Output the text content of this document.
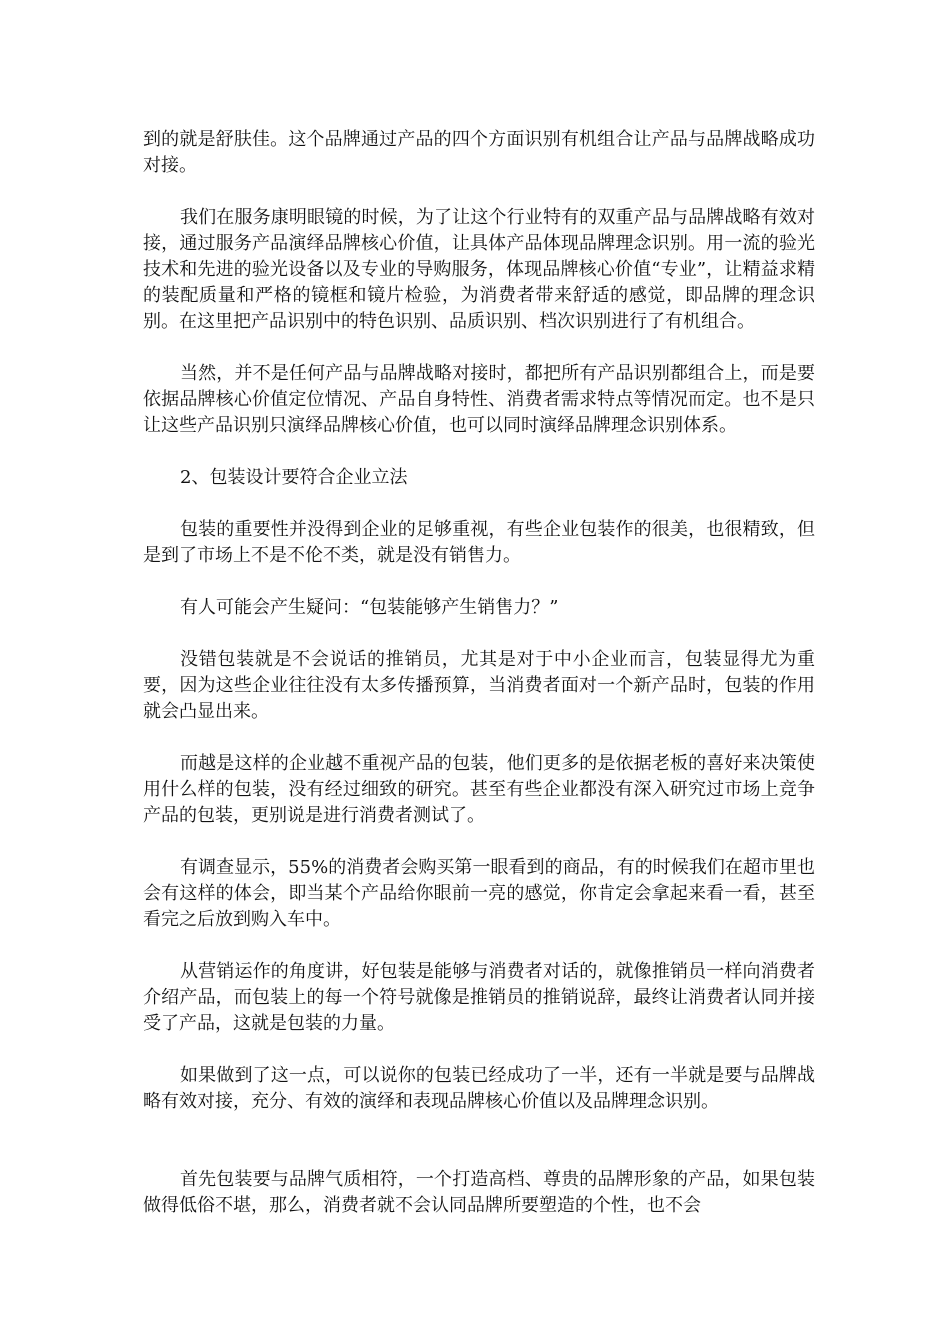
到的就是舒肤佳。这个品牌通过产品的四个方面识别有机组合让产品与品牌战略成功对接。

我们在服务康明眼镜的时候，为了让这个行业特有的双重产品与品牌战略有效对接，通过服务产品演绎品牌核心价值，让具体产品体现品牌理念识别。用一流的验光技术和先进的验光设备以及专业的导购服务，体现品牌核心价值“专业”，让精益求精的装配质量和严格的镜框和镜片检验，为消费者带来舒适的感觉，即品牌的理念识别。在这里把产品识别中的特色识别、品质识别、档次识别进行了有机组合。

当然，并不是任何产品与品牌战略对接时，都把所有产品识别都组合上，而是要依据品牌核心价值定位情况、产品自身特性、消费者需求特点等情况而定。也不是只让这些产品识别只演绎品牌核心价值，也可以同时演绎品牌理念识别体系。

2、包装设计要符合企业立法

包装的重要性并没得到企业的足够重视，有些企业包装作的很美，也很精致，但是到了市场上不是不伦不类，就是没有销售力。

有人可能会产生疑问：“包装能够产生销售力？”

没错包装就是不会说话的推销员，尤其是对于中小企业而言，包装显得尤为重要，因为这些企业往往没有太多传播预算，当消费者面对一个新产品时，包装的作用就会凸显出来。

而越是这样的企业越不重视产品的包装，他们更多的是依据老板的喜好来决策使用什么样的包装，没有经过细致的研究。甚至有些企业都没有深入研究过市场上竞争产品的包装，更别说是进行消费者测试了。

有调查显示，55%的消费者会购买第一眼看到的商品，有的时候我们在超市里也会有这样的体会，即当某个产品给你眼前一亮的感觉，你肯定会拿起来看一看，甚至看完之后放到购入车中。

从营销运作的角度讲，好包装是能够与消费者对话的，就像推销员一样向消费者介绍产品，而包装上的每一个符号就像是推销员的推销说辞，最终让消费者认同并接受了产品，这就是包装的力量。

如果做到了这一点，可以说你的包装已经成功了一半，还有一半就是要与品牌战略有效对接，充分、有效的演绎和表现品牌核心价值以及品牌理念识别。

首先包装要与品牌气质相符，一个打造高档、尊贵的品牌形象的产品，如果包装做得低俗不堪，那么，消费者就不会认同品牌所要塑造的个性，也不会
